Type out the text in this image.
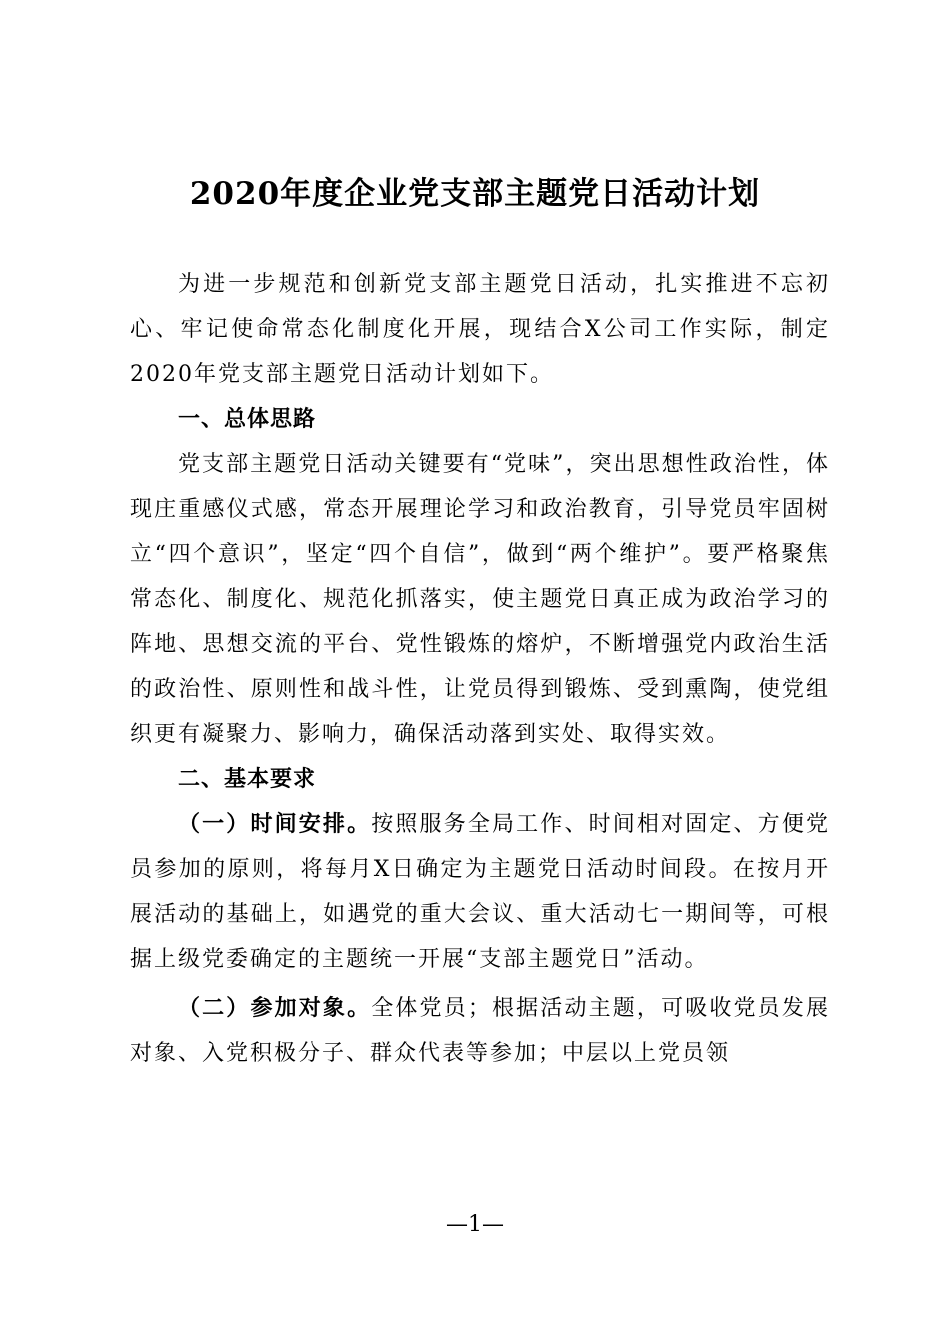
2020年度企业党支部主题党日活动计划

为进一步规范和创新党支部主题党日活动，扎实推进不忘初心、牢记使命常态化制度化开展，现结合X公司工作实际，制定2020年党支部主题党日活动计划如下。

一、总体思路

党支部主题党日活动关键要有“党味”，突出思想性政治性，体现庄重感仪式感，常态开展理论学习和政治教育，引导党员牢固树立“四个意识”，坚定“四个自信”，做到“两个维护”。要严格聚焦常态化、制度化、规范化抓落实，使主题党日真正成为政治学习的阵地、思想交流的平台、党性锻炼的熔炉，不断增强党内政治生活的政治性、原则性和战斗性，让党员得到锻炼、受到熏陶，使党组织更有凝聚力、影响力，确保活动落到实处、取得实效。

二、基本要求

（一）时间安排。按照服务全局工作、时间相对固定、方便党员参加的原则，将每月X日确定为主题党日活动时间段。在按月开展活动的基础上，如遇党的重大会议、重大活动七一期间等，可根据上级党委确定的主题统一开展“支部主题党日”活动。

（二）参加对象。全体党员；根据活动主题，可吸收党员发展对象、入党积极分子、群众代表等参加；中层以上党员领

—1—
